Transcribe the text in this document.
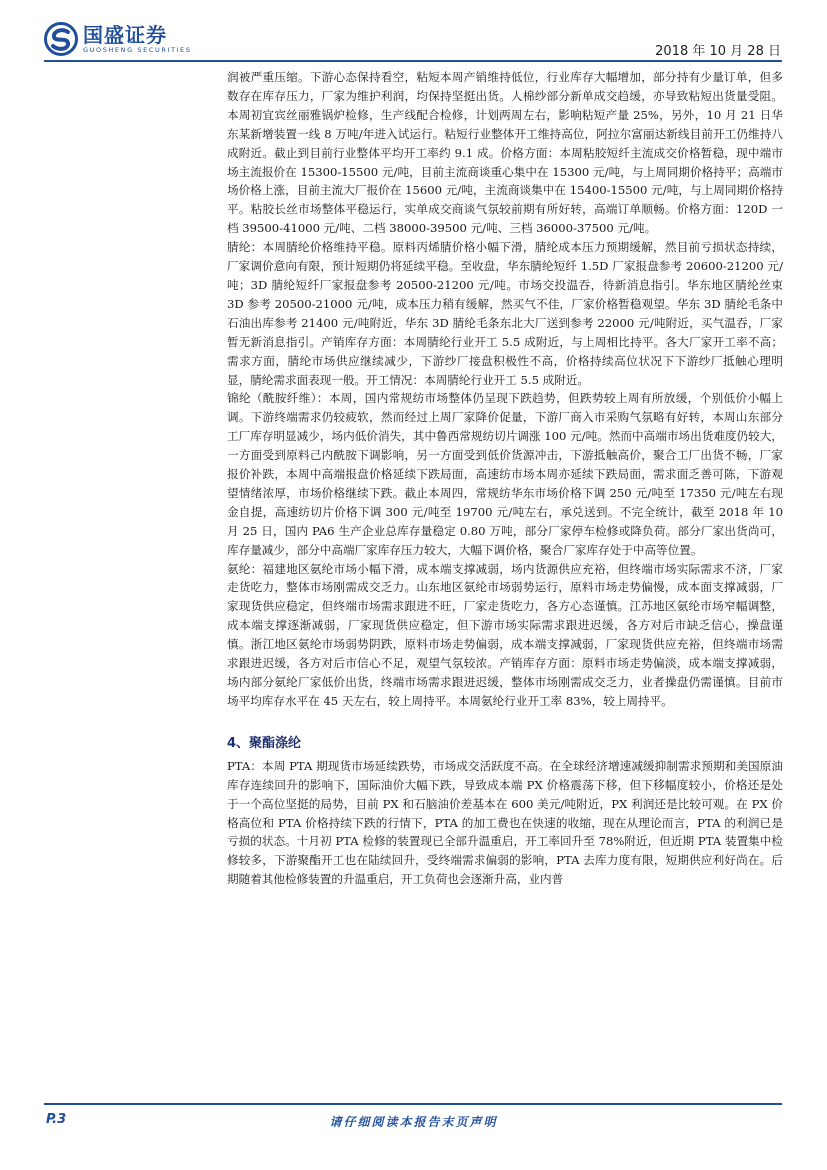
国盛证券
GUOSHENG SECURITIES	2018 年 10 月 28 日

润被严重压缩。下游心态保持看空，粘短本周产销维持低位，行业库存大幅增加，部分持有少量订单，但多数存在库存压力，厂家为维护利润，均保持坚挺出货。人棉纱部分新单成交趋缓，亦导致粘短出货量受阻。本周初宜宾丝丽雅锅炉检修，生产线配合检修，计划两周左右，影响粘短产量 25%，另外，10 月 21 日华东某新增装置一线 8 万吨/年进入试运行。粘短行业整体开工维持高位，阿拉尔富丽达新线目前开工仍维持八成附近。截止到目前行业整体平均开工率约 9.1 成。价格方面：本周粘胶短纤主流成交价格暂稳，现中端市场主流报价在 15300-15500 元/吨，目前主流商谈重心集中在 15300 元/吨，与上周同期价格持平；高端市场价格上涨，目前主流大厂报价在 15600 元/吨，主流商谈集中在 15400-15500 元/吨，与上周同期价格持平。粘胶长丝市场整体平稳运行，实单成交商谈气氛较前期有所好转，高端订单顺畅。价格方面：120D 一档 39500-41000 元/吨、二档 38000-39500 元/吨、三档 36000-37500 元/吨。

腈纶：本周腈纶价格维持平稳。原料丙烯腈价格小幅下滑，腈纶成本压力预期缓解，然目前亏损状态持续，厂家调价意向有限，预计短期仍将延续平稳。至收盘，华东腈纶短纤 1.5D 厂家报盘参考 20600-21200 元/吨；3D 腈纶短纤厂家报盘参考 20500-21200 元/吨。市场交投温吞，待新消息指引。华东地区腈纶丝束 3D 参考 20500-21000 元/吨，成本压力稍有缓解，然买气不佳，厂家价格暂稳观望。华东 3D 腈纶毛条中石油出库参考 21400 元/吨附近，华东 3D 腈纶毛条东北大厂送到参考 22000 元/吨附近，买气温吞，厂家暂无新消息指引。产销库存方面：本周腈纶行业开工 5.5 成附近，与上周相比持平。各大厂家开工率不高；需求方面，腈纶市场供应继续减少，下游纱厂接盘积极性不高，价格持续高位状况下下游纱厂抵触心理明显，腈纶需求面表现一般。开工情况：本周腈纶行业开工 5.5 成附近。

锦纶（酰胺纤维）：本周，国内常规纺市场整体仍呈现下跌趋势，但跌势较上周有所放缓，个别低价小幅上调。下游终端需求仍较疲软，然而经过上周厂家降价促量，下游厂商入市采购气氛略有好转，本周山东部分工厂库存明显减少，场内低价消失，其中鲁西常规纺切片调涨 100 元/吨。然而中高端市场出货难度仍较大，一方面受到原料己内酰胺下调影响，另一方面受到低价货源冲击，下游抵触高价，聚合工厂出货不畅，厂家报价补跌，本周中高端报盘价格延续下跌局面，高速纺市场本周亦延续下跌局面，需求面乏善可陈，下游观望情绪浓厚，市场价格继续下跌。截止本周四，常规纺华东市场价格下调 250 元/吨至 17350 元/吨左右现金自提，高速纺切片价格下调 300 元/吨至 19700 元/吨左右，承兑送到。不完全统计，截至 2018 年 10 月 25 日，国内 PA6 生产企业总库存量稳定 0.80 万吨，部分厂家停车检修或降负荷。部分厂家出货尚可，库存量减少，部分中高端厂家库存压力较大，大幅下调价格，聚合厂家库存处于中高等位置。

氨纶：福建地区氨纶市场小幅下滑，成本端支撑减弱，场内货源供应充裕，但终端市场实际需求不济，厂家走货吃力，整体市场刚需成交乏力。山东地区氨纶市场弱势运行，原料市场走势偏慢，成本面支撑减弱，厂家现货供应稳定，但终端市场需求跟进不旺，厂家走货吃力，各方心态谨慎。江苏地区氨纶市场窄幅调整，成本端支撑逐渐减弱，厂家现货供应稳定，但下游市场实际需求跟进迟缓，各方对后市缺乏信心，操盘谨慎。浙江地区氨纶市场弱势阴跌，原料市场走势偏弱，成本端支撑减弱，厂家现货供应充裕，但终端市场需求跟进迟缓，各方对后市信心不足，观望气氛较浓。产销库存方面：原料市场走势偏淡，成本端支撑减弱，场内部分氨纶厂家低价出货，终端市场需求跟进迟缓，整体市场刚需成交乏力，业者操盘仍需谨慎。目前市场平均库存水平在 45 天左右，较上周持平。本周氨纶行业开工率 83%，较上周持平。

4、聚酯涤纶

PTA：本周 PTA 期现货市场延续跌势，市场成交活跃度不高。在全球经济增速减缓抑制需求预期和美国原油库存连续回升的影响下，国际油价大幅下跌，导致成本端 PX 价格震荡下移，但下移幅度较小，价格还是处于一个高位坚挺的局势，目前 PX 和石脑油价差基本在 600 美元/吨附近，PX 利润还是比较可观。在 PX 价格高位和 PTA 价格持续下跌的行情下，PTA 的加工费也在快速的收缩，现在从理论而言，PTA 的利润已是亏损的状态。十月初 PTA 检修的装置现已全部升温重启，开工率回升至 78%附近，但近期 PTA 装置集中检修较多，下游聚酯开工也在陆续回升，受终端需求偏弱的影响，PTA 去库力度有限，短期供应利好尚在。后期随着其他检修装置的升温重启，开工负荷也会逐渐升高，业内普

P.3	请仔细阅读本报告末页声明
